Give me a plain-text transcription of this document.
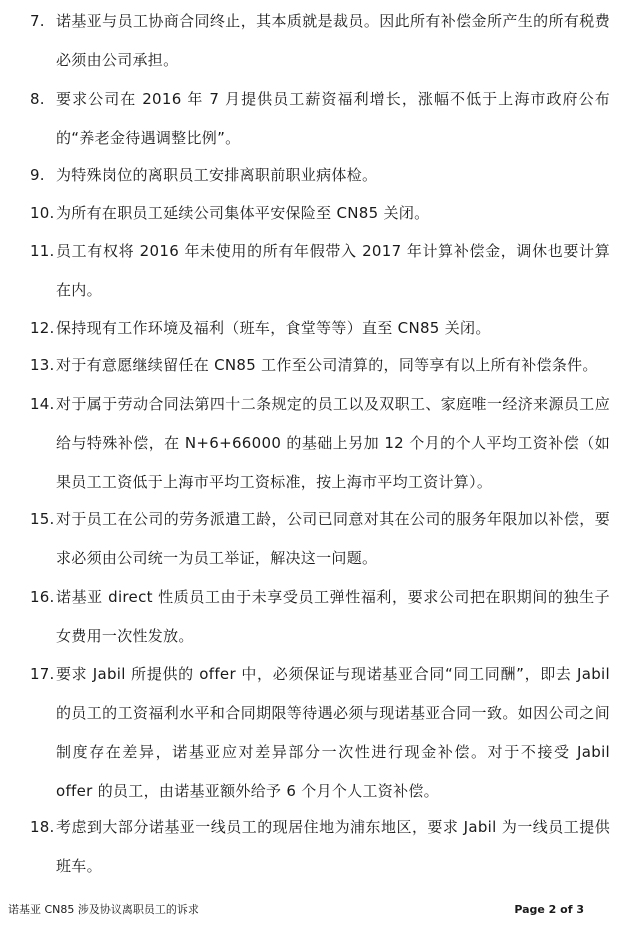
7. 诺基亚与员工协商合同终止，其本质就是裁员。因此所有补偿金所产生的所有税费必须由公司承担。
8. 要求公司在 2016 年 7 月提供员工薪资福利增长，涨幅不低于上海市政府公布的“养老金待遇调整比例”。
9. 为特殊岗位的离职员工安排离职前职业病体检。
10. 为所有在职员工延续公司集体平安保险至 CN85 关闭。
11. 员工有权将 2016 年未使用的所有年假带入 2017 年计算补偿金，调休也要计算在内。
12. 保持现有工作环境及福利（班车，食堂等等）直至 CN85 关闭。
13. 对于有意愿继续留任在 CN85 工作至公司清算的，同等享有以上所有补偿条件。
14. 对于属于劳动合同法第四十二条规定的员工以及双职工、家庭唯一经济来源员工应给与特殊补偿，在 N+6+66000 的基础上另加 12 个月的个人平均工资补偿（如果员工工资低于上海市平均工资标准，按上海市平均工资计算）。
15. 对于员工在公司的劳务派遣工龄，公司已同意对其在公司的服务年限加以补偿，要求必须由公司统一为员工举证，解决这一问题。
16. 诺基亚 direct 性质员工由于未享受员工弹性福利，要求公司把在职期间的独生子女费用一次性发放。
17. 要求 Jabil 所提供的 offer 中，必须保证与现诺基亚合同“同工同酬”，即去 Jabil 的员工的工资福利水平和合同期限等待遇必须与现诺基亚合同一致。如因公司之间制度存在差异，诺基亚应对差异部分一次性进行现金补偿。对于不接受 Jabil offer 的员工，由诺基亚额外给予 6 个月个人工资补偿。
18. 考虑到大部分诺基亚一线员工的现居住地为浦东地区，要求 Jabil 为一线员工提供班车。
诺基亚 CN85 涉及协议离职员工的诉求	Page 2 of 3
